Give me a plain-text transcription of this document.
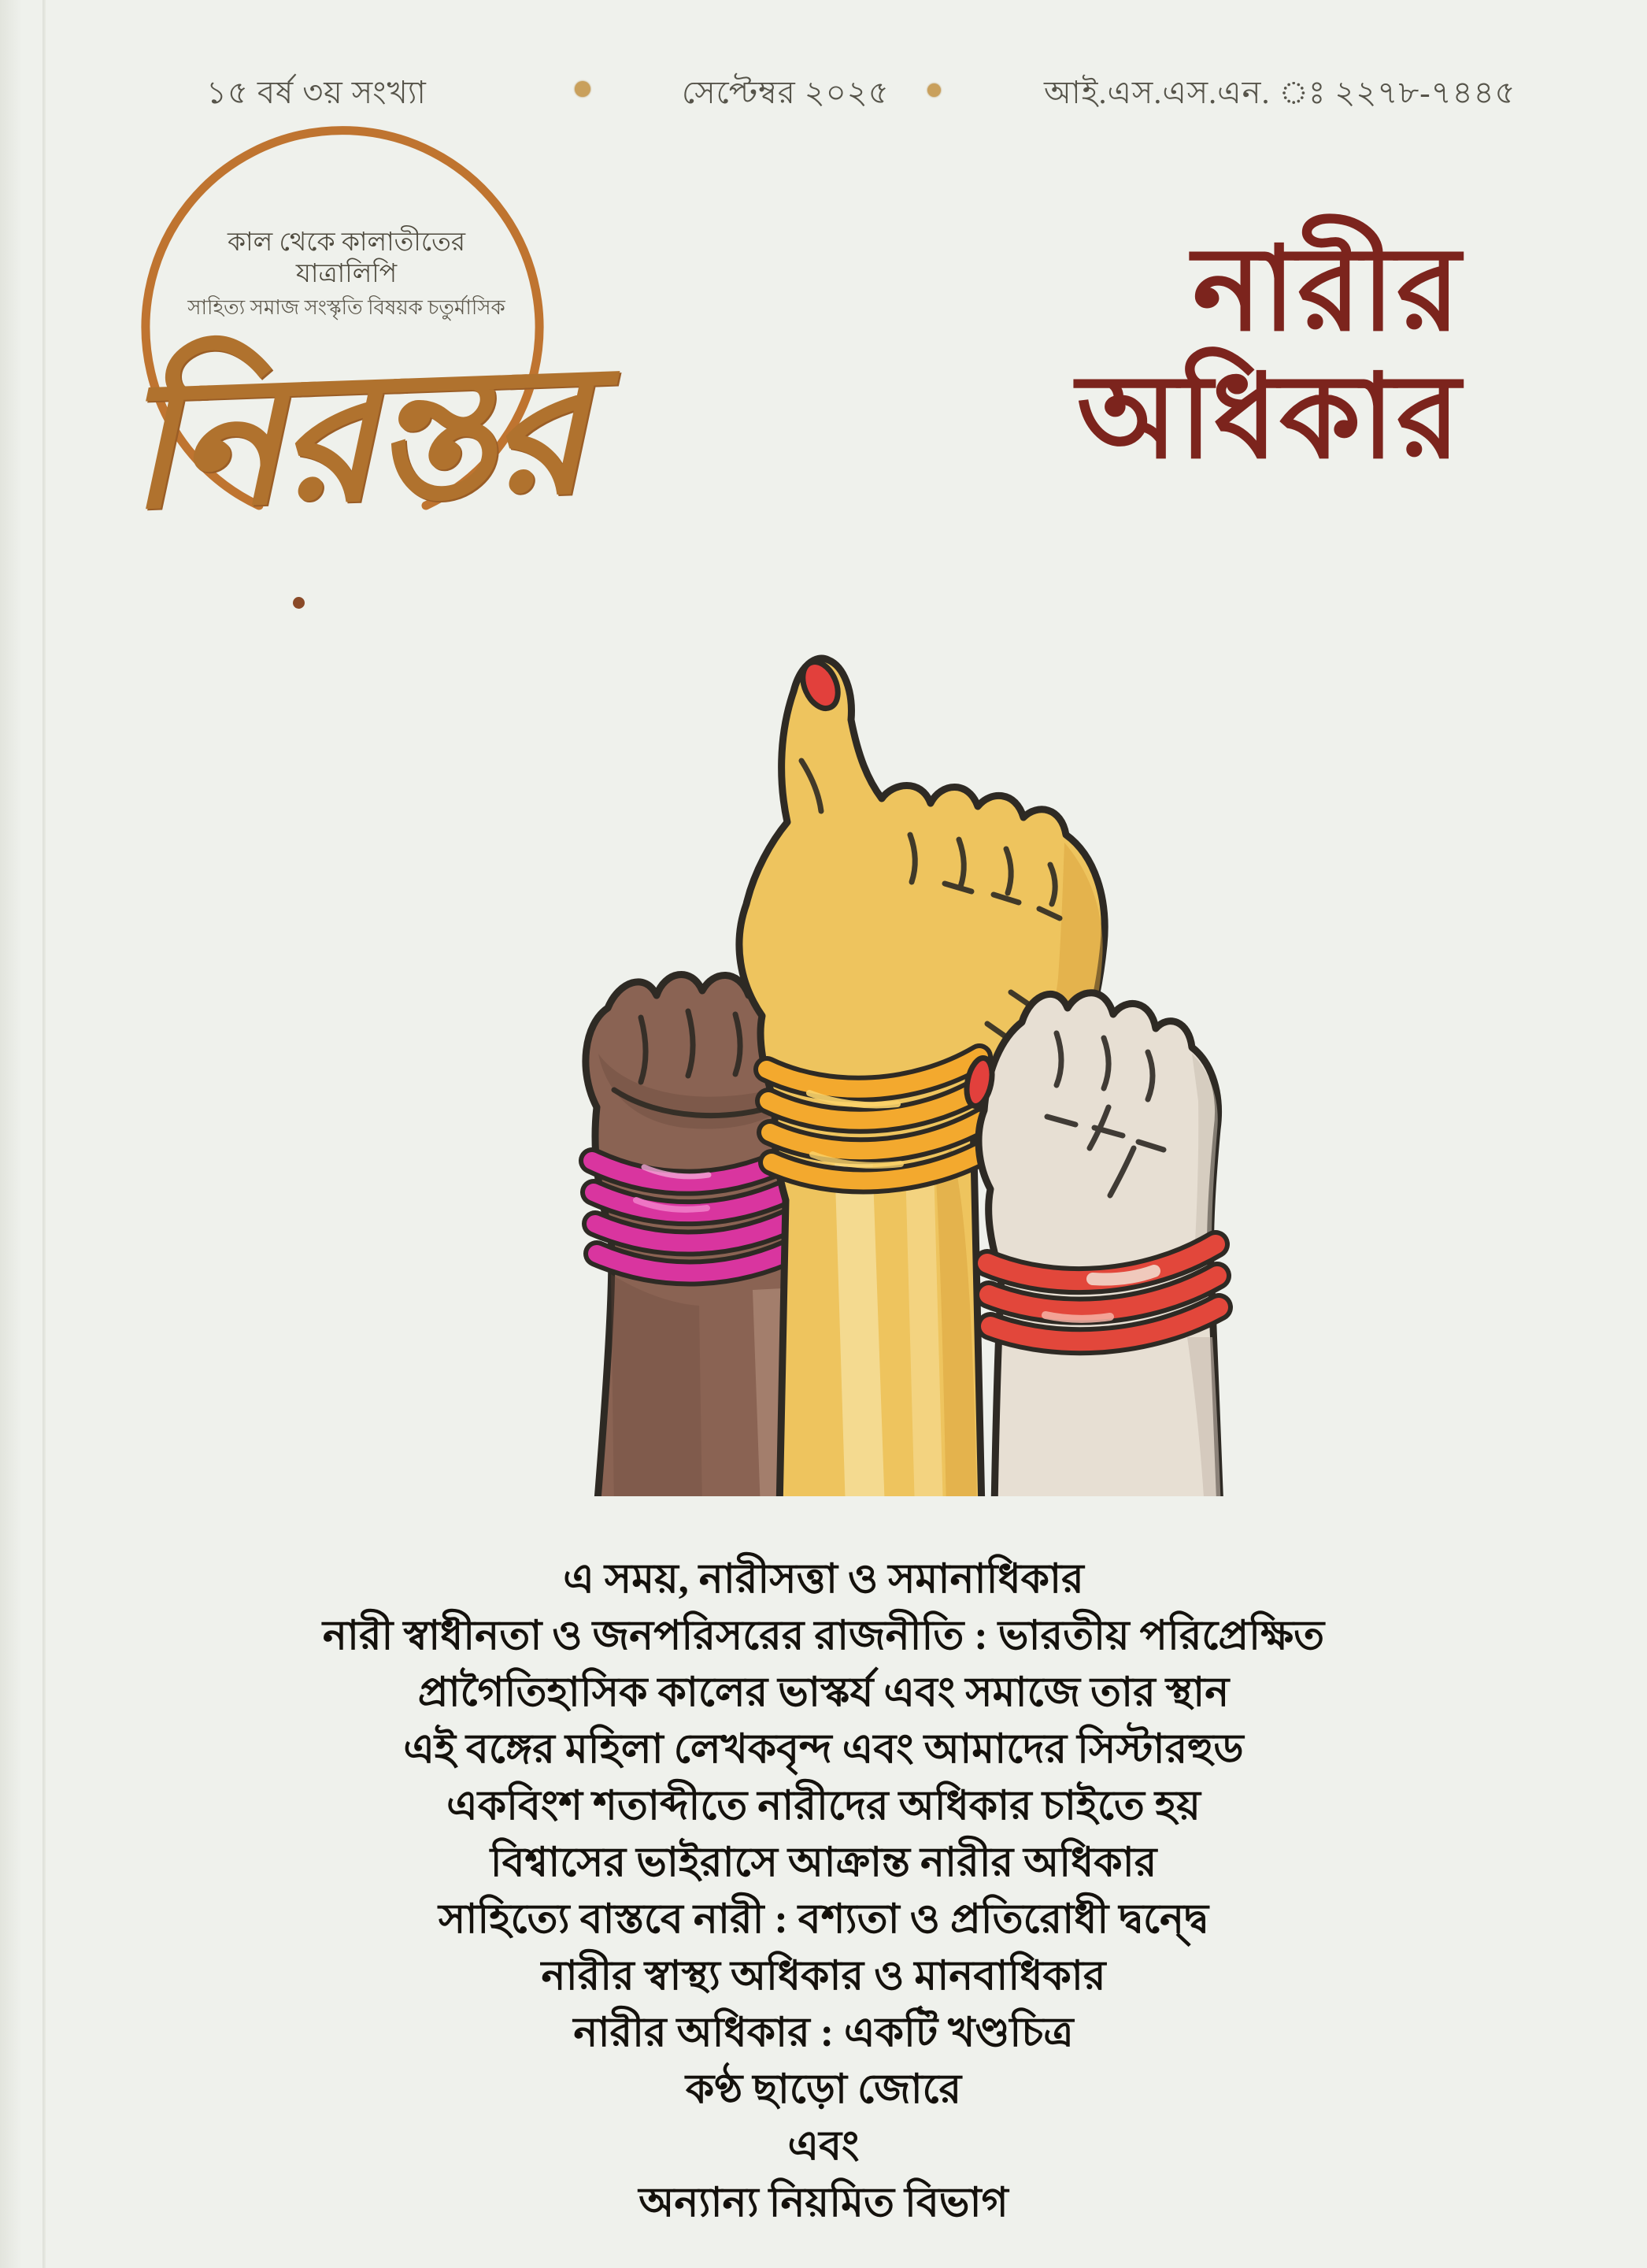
১৫ বর্ষ ৩য় সংখ্যা	সেপ্টেম্বর ২০২৫	আই.এস.এস.এন. ঃ ২২৭৮-৭৪৪৫
কাল থেকে কালাতীতের যাত্রালিপি
সাহিত্য সমাজ সংস্কৃতি বিষয়ক চতুর্মাসিক
নিরন্তর
নারীর
অধিকার
এ সময়, নারীসত্তা ও সমানাধিকার
নারী স্বাধীনতা ও জনপরিসরের রাজনীতি : ভারতীয় পরিপ্রেক্ষিত
প্রাগৈতিহাসিক কালের ভাস্কর্য এবং সমাজে তার স্থান
এই বঙ্গের মহিলা লেখকবৃন্দ এবং আমাদের সিস্টারহুড
একবিংশ শতাব্দীতে নারীদের অধিকার চাইতে হয়
বিশ্বাসের ভাইরাসে আক্রান্ত নারীর অধিকার
সাহিত্যে বাস্তবে নারী : বশ্যতা ও প্রতিরোধী দ্বন্দ্বে
নারীর স্বাস্থ্য অধিকার ও মানবাধিকার
নারীর অধিকার : একটি খণ্ডচিত্র
কণ্ঠ ছাড়ো জোরে
এবং
অন্যান্য নিয়মিত বিভাগ
